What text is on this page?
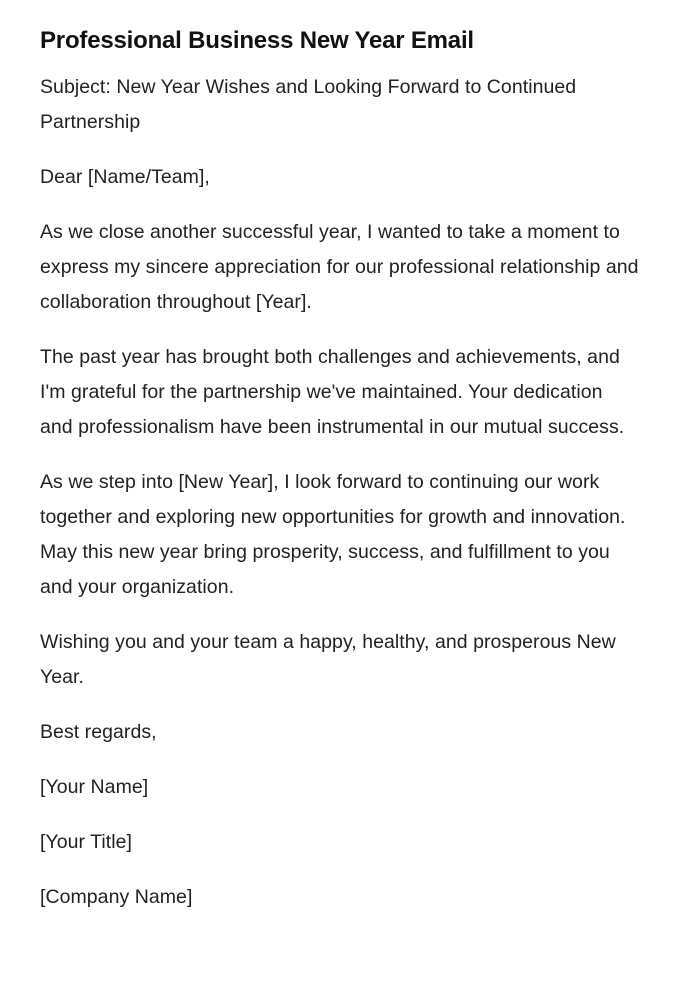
Professional Business New Year Email

Subject: New Year Wishes and Looking Forward to Continued Partnership

Dear [Name/Team],

As we close another successful year, I wanted to take a moment to express my sincere appreciation for our professional relationship and collaboration throughout [Year].

The past year has brought both challenges and achievements, and I'm grateful for the partnership we've maintained. Your dedication and professionalism have been instrumental in our mutual success.

As we step into [New Year], I look forward to continuing our work together and exploring new opportunities for growth and innovation. May this new year bring prosperity, success, and fulfillment to you and your organization.

Wishing you and your team a happy, healthy, and prosperous New Year.

Best regards,

[Your Name]

[Your Title]

[Company Name]
